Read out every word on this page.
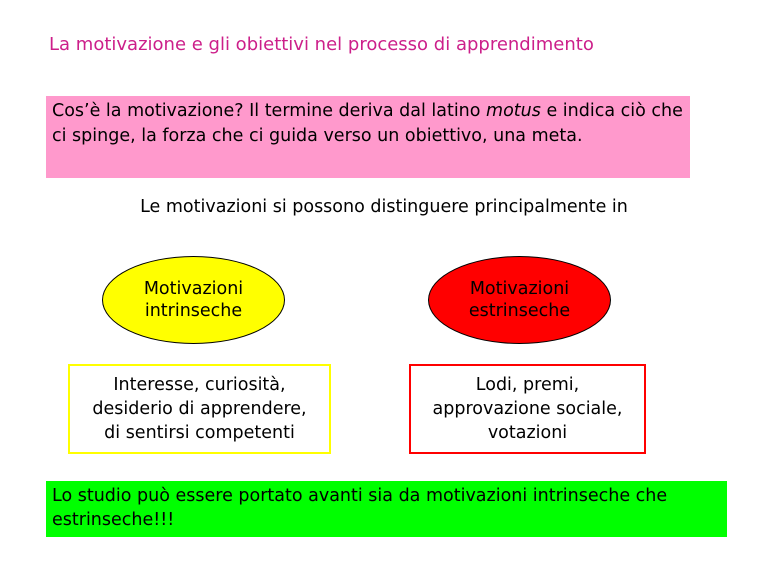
La motivazione e gli obiettivi nel processo di apprendimento
Cos’è la motivazione? Il termine deriva dal latino motus e indica ciò che ci spinge, la forza che ci guida verso un obiettivo, una meta.
Le motivazioni si possono distinguere principalmente in
Motivazioni
intrinseche
Motivazioni
estrinseche
Interesse, curiosità,
desiderio di apprendere,
di sentirsi competenti
Lodi, premi,
approvazione sociale,
votazioni
Lo studio può essere portato avanti sia da motivazioni intrinseche che estrinseche!!!
